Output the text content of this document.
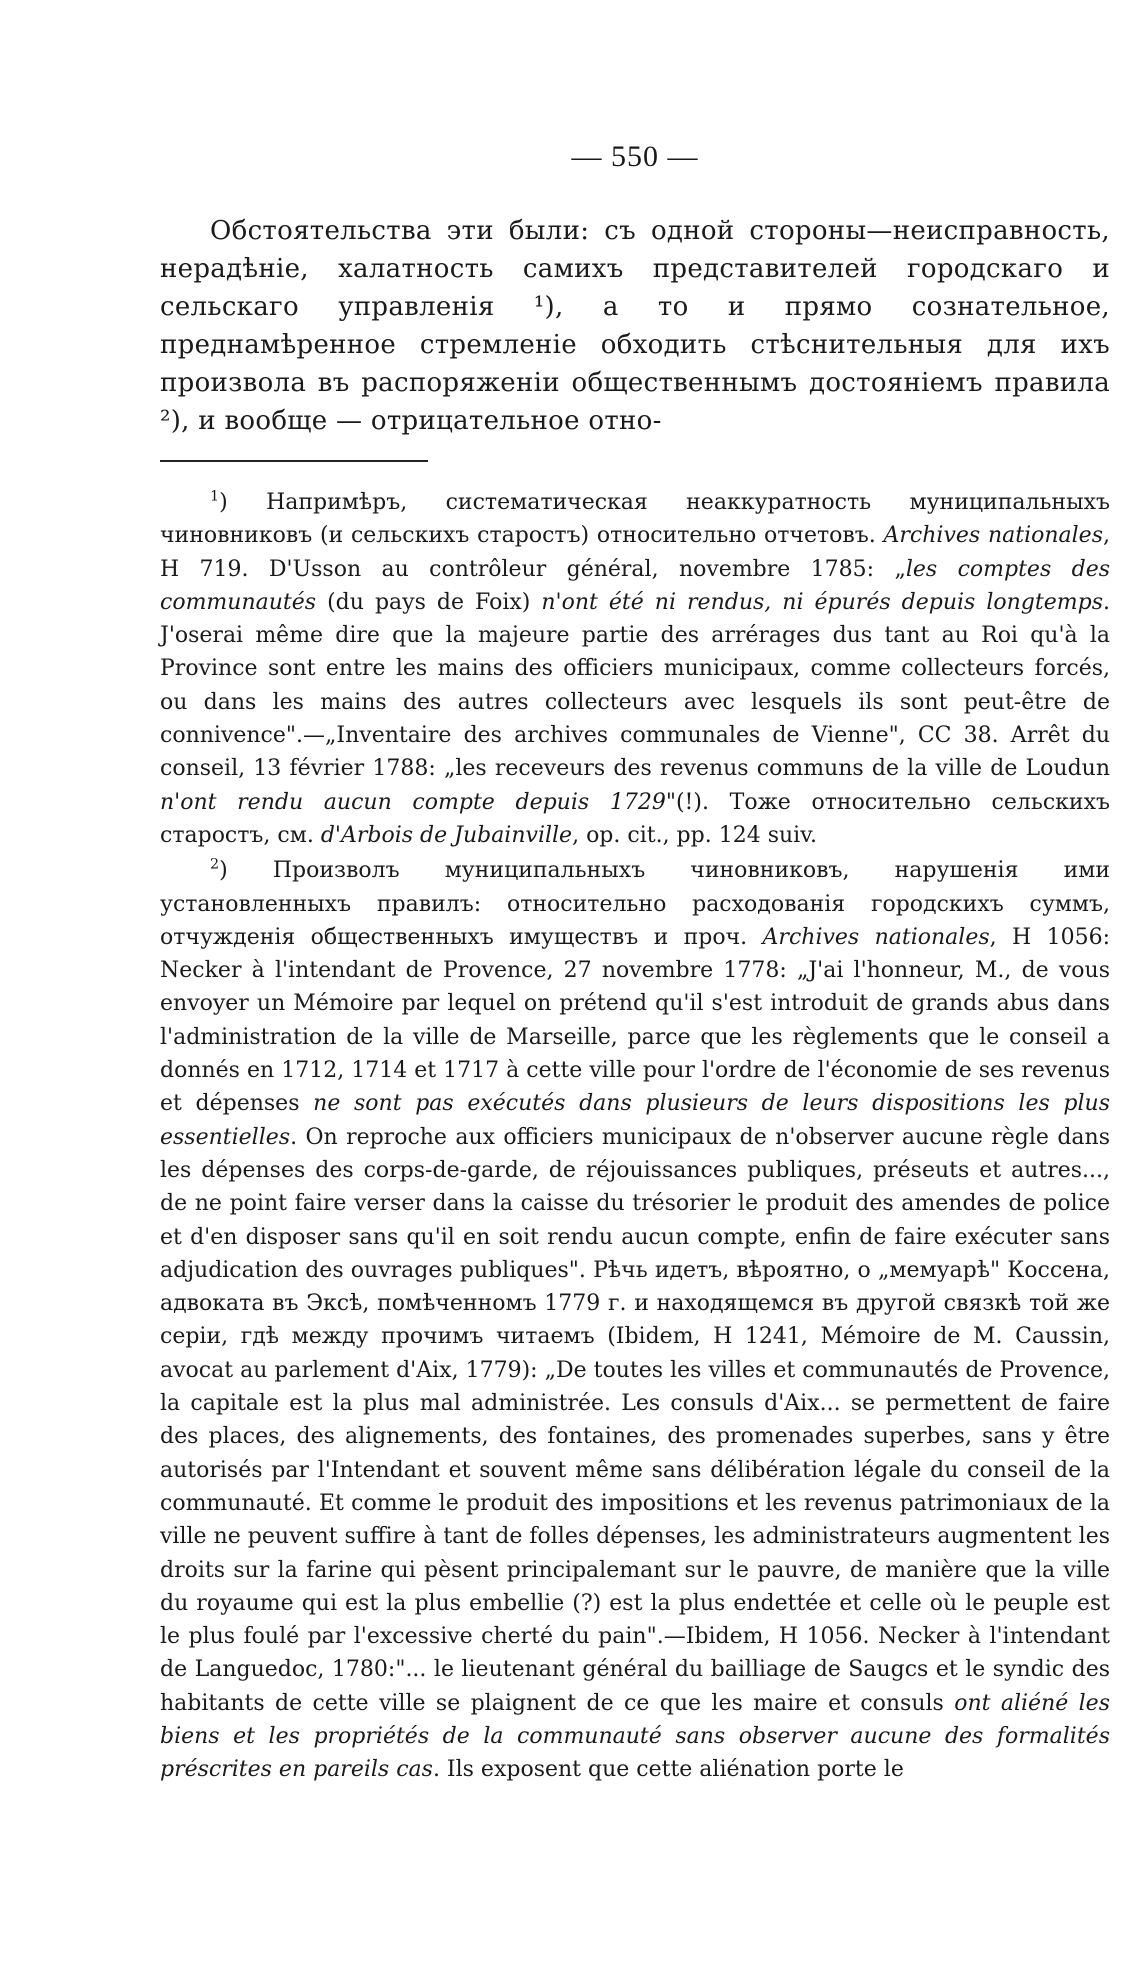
— 550 —

Обстоятельства эти были: съ одной стороны—неисправность, нерадѣніе, халатность самихъ представителей городскаго и сельскаго управленія ¹), а то и прямо сознательное, преднамѣренное стремленіе обходить стѣснительныя для ихъ произвола въ распоряженіи общественнымъ достояніемъ правила ²), и вообще — отрицательное отно-

$^1$) Напримѣръ, систематическая неаккуратность муниципальныхъ чиновниковъ (и сельскихъ старостъ) относительно отчетовъ. Archives nationales, H 719. D'Usson au contrôleur général, novembre 1785: „les comptes des communautés (du pays de Foix) n'ont été ni rendus, ni épurés depuis longtemps. J'oserai même dire que la majeure partie des arrérages dus tant au Roi qu'à la Province sont entre les mains des officiers municipaux, comme collecteurs forcés, ou dans les mains des autres collecteurs avec lesquels ils sont peut-être de connivence".—„Inventaire des archives communales de Vienne", CC 38. Arrêt du conseil, 13 février 1788: „les receveurs des revenus communs de la ville de Loudun n'ont rendu aucun compte depuis 1729"(!). Тоже относительно сельскихъ старостъ, см. d'Arbois de Jubainville, op. cit., pp. 124 suiv.

$^2$) Произволъ муниципальныхъ чиновниковъ, нарушенія ими установленныхъ правилъ: относительно расходованія городскихъ суммъ, отчужденія общественныхъ имуществъ и проч. Archives nationales, H 1056: Necker à l'intendant de Provence, 27 novembre 1778: „J'ai l'honneur, M., de vous envoyer un Mémoire par lequel on prétend qu'il s'est introduit de grands abus dans l'administration de la ville de Marseille, parce que les règlements que le conseil a donnés en 1712, 1714 et 1717 à cette ville pour l'ordre de l'économie de ses revenus et dépenses ne sont pas exécutés dans plusieurs de leurs dispositions les plus essentielles. On reproche aux officiers municipaux de n'observer aucune règle dans les dépenses des corps-de-garde, de réjouissances publiques, préseuts et autres..., de ne point faire verser dans la caisse du trésorier le produit des amendes de police et d'en disposer sans qu'il en soit rendu aucun compte, enfin de faire exécuter sans adjudication des ouvrages publiques". Рѣчь идетъ, вѣроятно, о „мемуарѣ" Коссена, адвоката въ Эксѣ, помѣченномъ 1779 г. и находящемся въ другой связкѣ той же серіи, гдѣ между прочимъ читаемъ (Ibidem, H 1241, Mémoire de M. Caussin, avocat au parlement d'Aix, 1779): „De toutes les villes et communautés de Provence, la capitale est la plus mal administrée. Les consuls d'Aix... se permettent de faire des places, des alignements, des fontaines, des promenades superbes, sans y être autorisés par l'Intendant et souvent même sans délibération légale du conseil de la communauté. Et comme le produit des impositions et les revenus patrimoniaux de la ville ne peuvent suffire à tant de folles dépenses, les administrateurs augmentent les droits sur la farine qui pèsent principalemant sur le pauvre, de manière que la ville du royaume qui est la plus embellie (?) est la plus endettée et celle où le peuple est le plus foulé par l'excessive cherté du pain".—Ibidem, H 1056. Necker à l'intendant de Languedoc, 1780:"... le lieutenant général du bailliage de Saugcs et le syndic des habitants de cette ville se plaignent de ce que les maire et consuls ont aliéné les biens et les propriétés de la communauté sans observer aucune des formalités préscrites en pareils cas. Ils exposent que cette aliénation porte le
